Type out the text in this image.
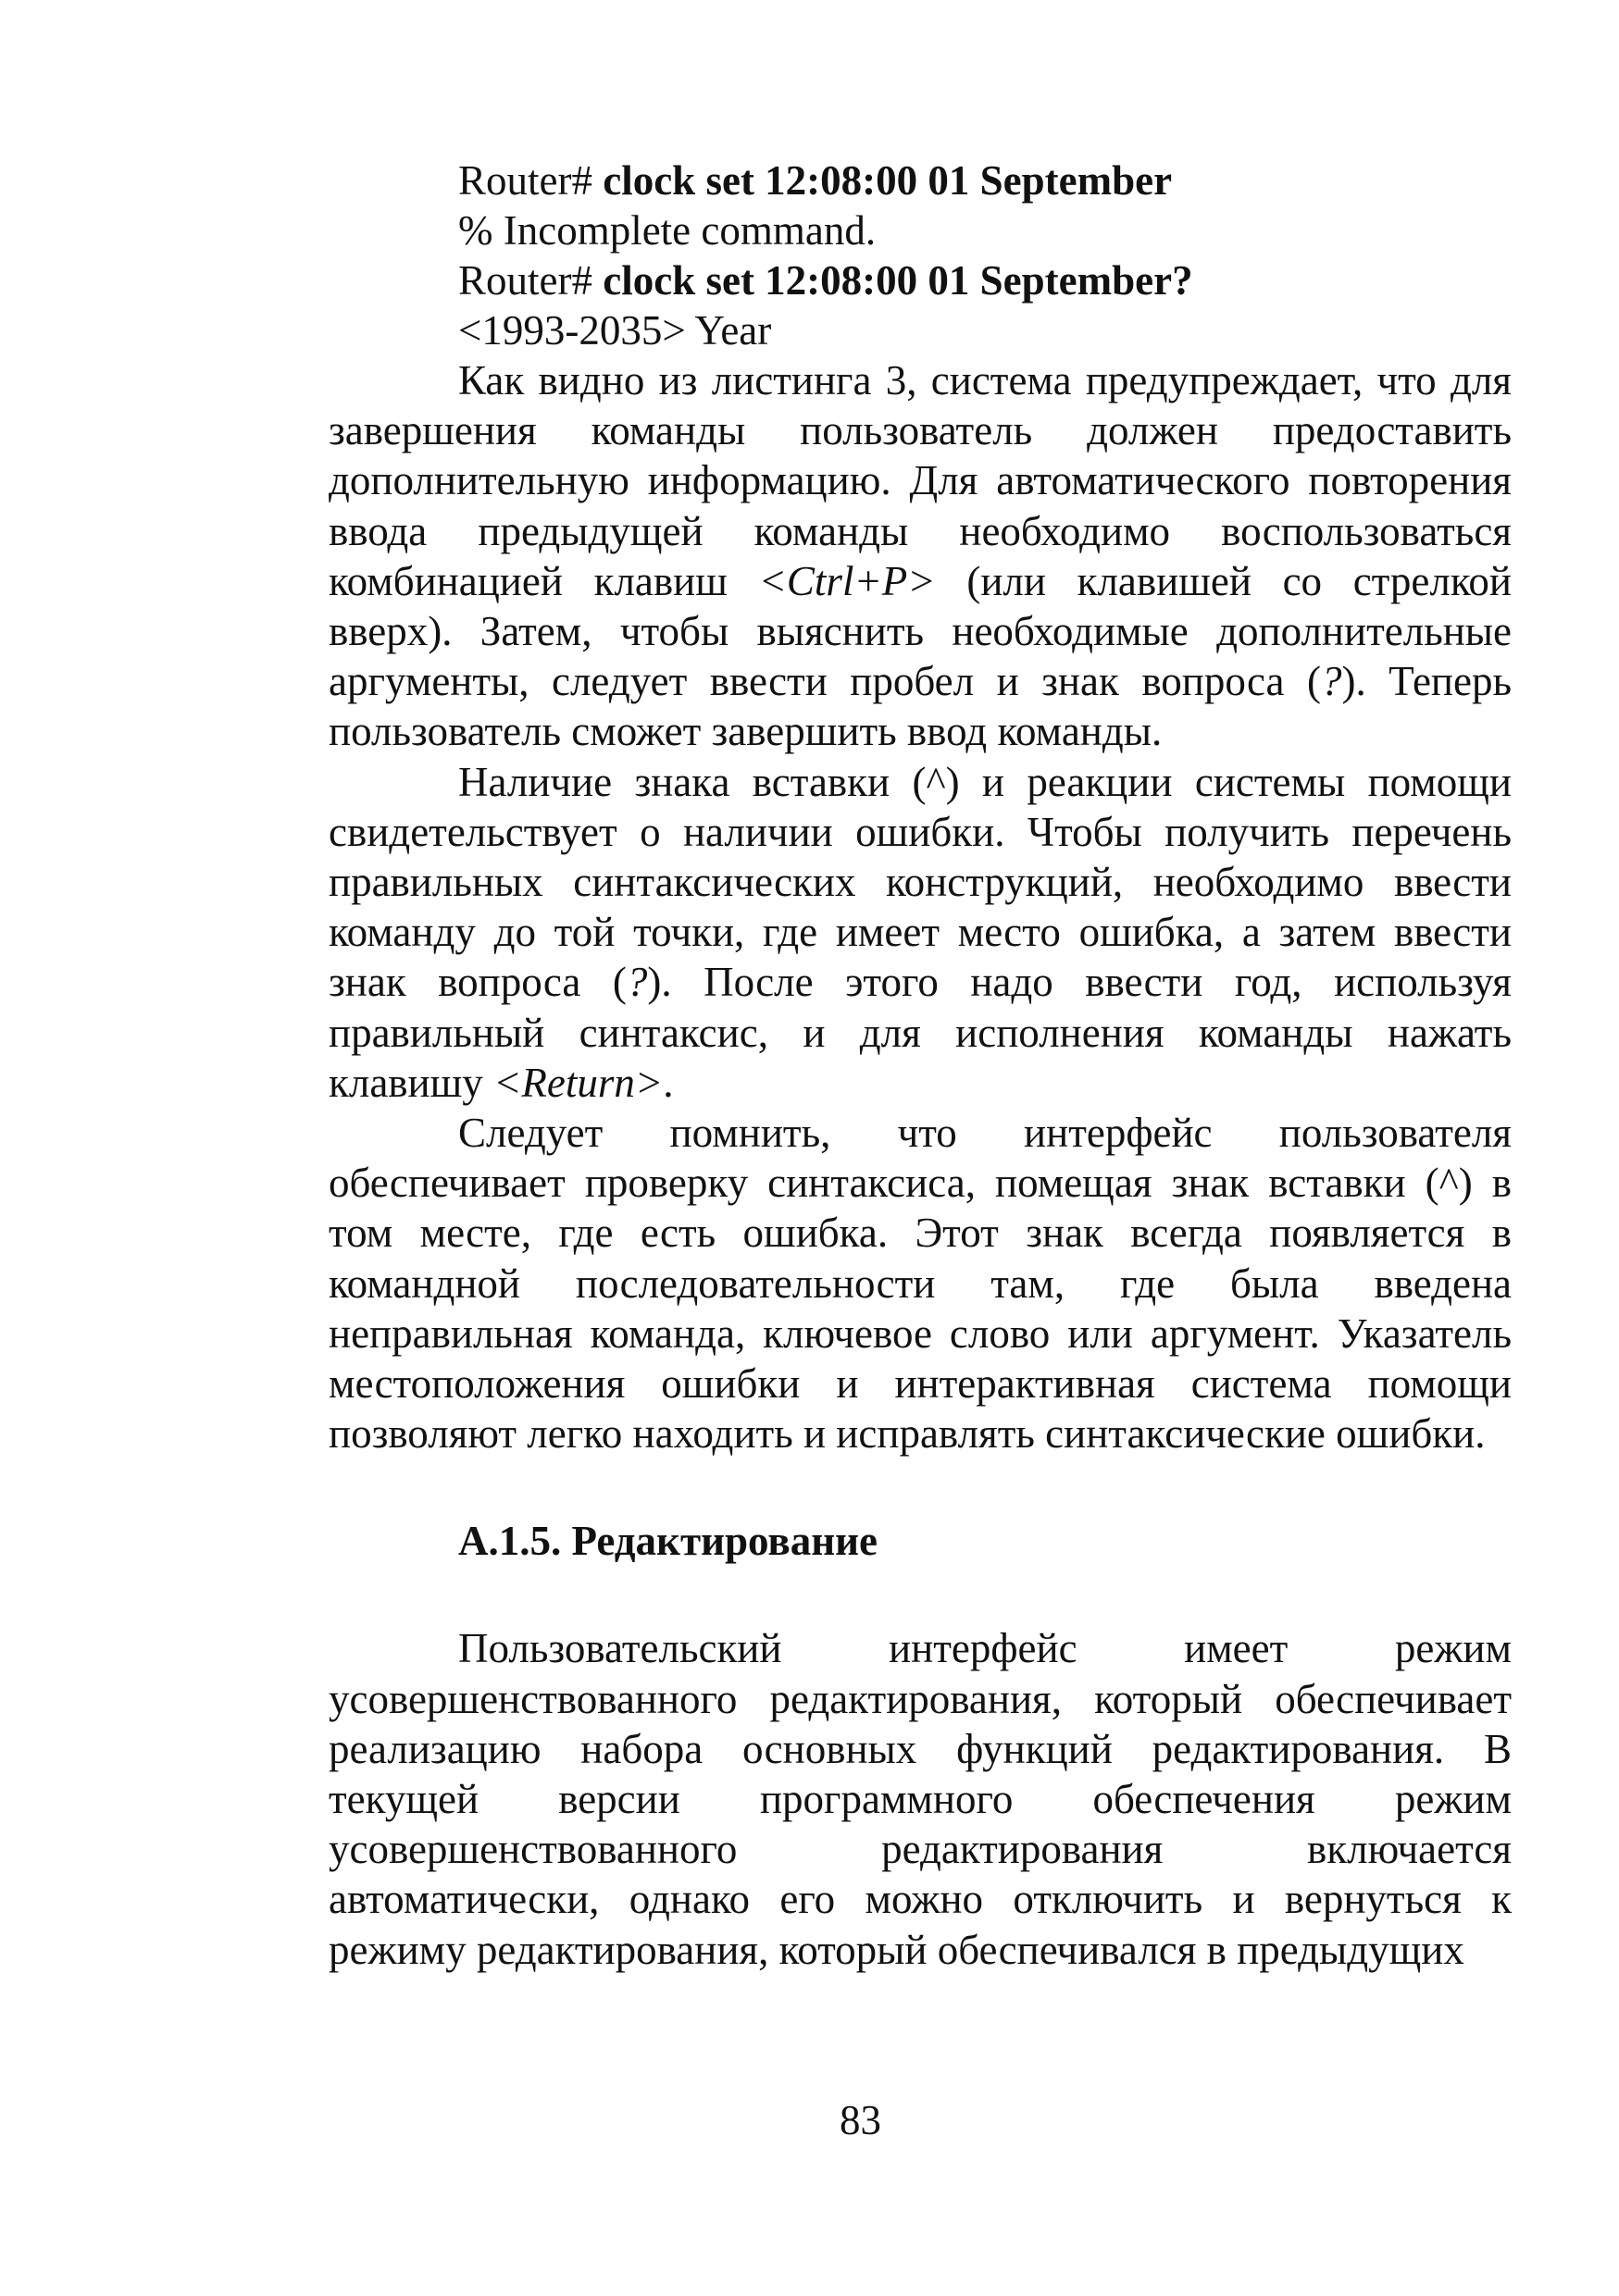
Router# clock set 12:08:00 01 September
% Incomplete command.
Router# clock set 12:08:00 01 September?
<1993-2035> Year

Как видно из листинга 3, система предупреждает, что для завершения команды пользователь должен предоставить дополнительную информацию. Для автоматического повторения ввода предыдущей команды необходимо воспользоваться комбинацией клавиш <Ctrl+P> (или клавишей со стрелкой вверх). Затем, чтобы выяснить необходимые дополнительные аргументы, следует ввести пробел и знак вопроса (?). Теперь пользователь сможет завершить ввод команды.

Наличие знака вставки (^) и реакции системы помощи свидетельствует о наличии ошибки. Чтобы получить перечень правильных синтаксических конструкций, необходимо ввести команду до той точки, где имеет место ошибка, а затем ввести знак вопроса (?). После этого надо ввести год, используя правильный синтаксис, и для исполнения команды нажать клавишу <Return>.

Следует помнить, что интерфейс пользователя обеспечивает проверку синтаксиса, помещая знак вставки (^) в том месте, где есть ошибка. Этот знак всегда появляется в командной последовательности там, где была введена неправильная команда, ключевое слово или аргумент. Указатель местоположения ошибки и интерактивная система помощи позволяют легко находить и исправлять синтаксические ошибки.

А.1.5. Редактирование

Пользовательский интерфейс имеет режим усовершенствованного редактирования, который обеспечивает реализацию набора основных функций редактирования. В текущей версии программного обеспечения режим усовершенствованного редактирования включается автоматически, однако его можно отключить и вернуться к режиму редактирования, который обеспечивался в предыдущих

83
